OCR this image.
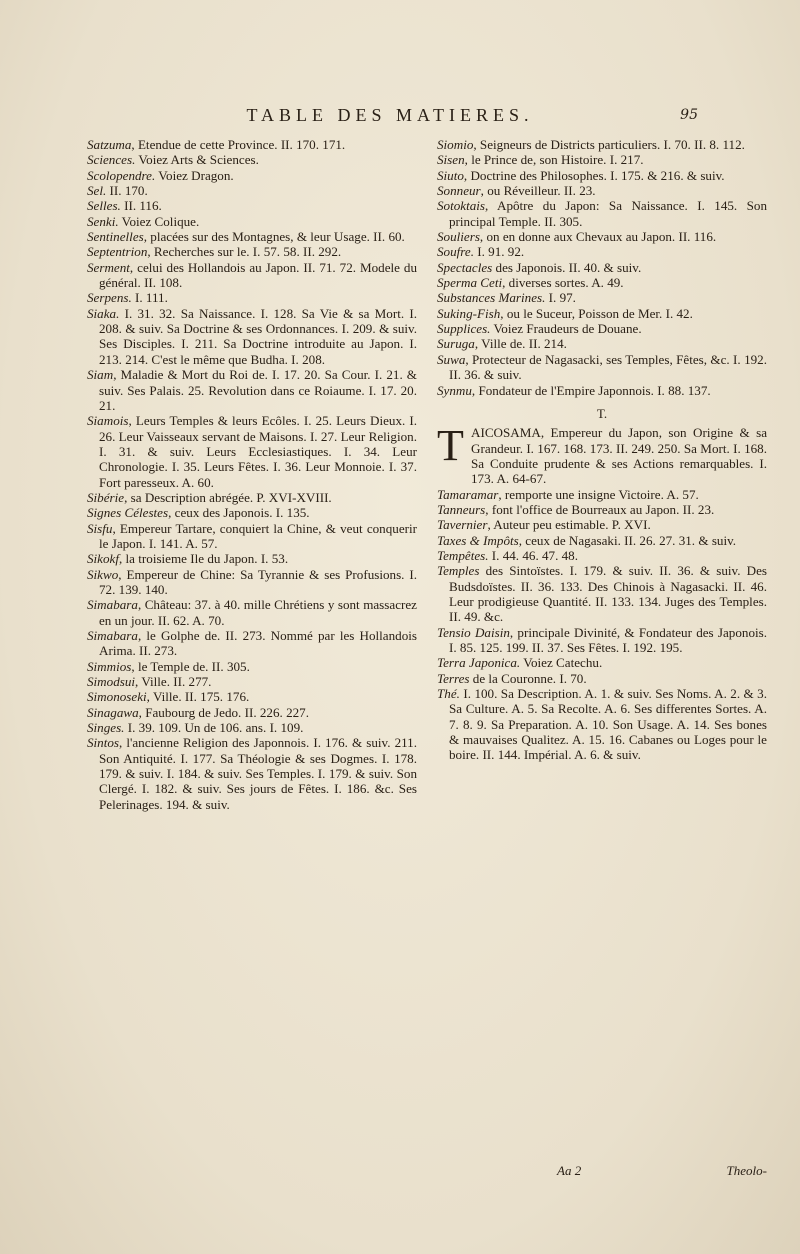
TABLE DES MATIERES.	95

Satzuma, Etendue de cette Province. II. 170. 171.

Sciences. Voiez Arts & Sciences.

Scolopendre. Voiez Dragon.

Sel. II. 170.

Selles. II. 116.

Senki. Voiez Colique.

Sentinelles, placées sur des Montagnes, & leur Usage. II. 60.

Septentrion, Recherches sur le. I. 57. 58. II. 292.

Serment, celui des Hollandois au Japon. II. 71. 72. Modele du général. II. 108.

Serpens. I. 111.

Siaka. I. 31. 32. Sa Naissance. I. 128. Sa Vie & sa Mort. I. 208. & suiv. Sa Doctrine & ses Ordonnances. I. 209. & suiv. Ses Disciples. I. 211. Sa Doctrine introduite au Japon. I. 213. 214. C'est le même que Budha. I. 208.

Siam, Maladie & Mort du Roi de. I. 17. 20. Sa Cour. I. 21. & suiv. Ses Palais. 25. Revolution dans ce Roiaume. I. 17. 20. 21.

Siamois, Leurs Temples & leurs Ecôles. I. 25. Leurs Dieux. I. 26. Leur Vaisseaux servant de Maisons. I. 27. Leur Religion. I. 31. & suiv. Leurs Ecclesiastiques. I. 34. Leur Chronologie. I. 35. Leurs Fêtes. I. 36. Leur Monnoie. I. 37. Fort paresseux. A. 60.

Sibérie, sa Description abrégée. P. XVI-XVIII.

Signes Célestes, ceux des Japonois. I. 135.

Sisfu, Empereur Tartare, conquiert la Chine, & veut conquerir le Japon. I. 141. A. 57.

Sikokf, la troisieme Ile du Japon. I. 53.

Sikwo, Empereur de Chine: Sa Tyrannie & ses Profusions. I. 72. 139. 140.

Simabara, Château: 37. à 40. mille Chrétiens y sont massacrez en un jour. II. 62. A. 70.

Simabara, le Golphe de. II. 273. Nommé par les Hollandois Arima. II. 273.

Simmios, le Temple de. II. 305.

Simodsui, Ville. II. 277.

Simonoseki, Ville. II. 175. 176.

Sinagawa, Faubourg de Jedo. II. 226. 227.

Singes. I. 39. 109. Un de 106. ans. I. 109.

Sintos, l'ancienne Religion des Japonnois. I. 176. & suiv. 211. Son Antiquité. I. 177. Sa Théologie & ses Dogmes. I. 178. 179. & suiv. I. 184. & suiv. Ses Temples. I. 179. & suiv. Son Clergé. I. 182. & suiv. Ses jours de Fêtes. I. 186. &c. Ses Pelerinages. 194. & suiv.

Siomio, Seigneurs de Districts particuliers. I. 70. II. 8. 112.

Sisen, le Prince de, son Histoire. I. 217.

Siuto, Doctrine des Philosophes. I. 175. & 216. & suiv.

Sonneur, ou Réveilleur. II. 23.

Sotoktais, Apôtre du Japon: Sa Naissance. I. 145. Son principal Temple. II. 305.

Souliers, on en donne aux Chevaux au Japon. II. 116.

Soufre. I. 91. 92.

Spectacles des Japonois. II. 40. & suiv.

Sperma Ceti, diverses sortes. A. 49.

Substances Marines. I. 97.

Suking-Fish, ou le Suceur, Poisson de Mer. I. 42.

Supplices. Voiez Fraudeurs de Douane.

Suruga, Ville de. II. 214.

Suwa, Protecteur de Nagasacki, ses Temples, Fêtes, &c. I. 192. II. 36. & suiv.

Synmu, Fondateur de l'Empire Japonnois. I. 88. 137.

T.
T AICOSAMA, Empereur du Japon, son Origine & sa Grandeur. I. 167. 168. 173. II. 249. 250. Sa Mort. I. 168. Sa Conduite prudente & ses Actions remarquables. I. 173. A. 64-67.

Tamaramar, remporte une insigne Victoire. A. 57.

Tanneurs, font l'office de Bourreaux au Japon. II. 23.

Tavernier, Auteur peu estimable. P. XVI.

Taxes & Impôts, ceux de Nagasaki. II. 26. 27. 31. & suiv.

Tempêtes. I. 44. 46. 47. 48.

Temples des Sintoïstes. I. 179. & suiv. II. 36. & suiv. Des Budsdoïstes. II. 36. 133. Des Chinois à Nagasacki. II. 46. Leur prodigieuse Quantité. II. 133. 134. Juges des Temples. II. 49. &c.

Tensio Daisin, principale Divinité, & Fondateur des Japonois. I. 85. 125. 199. II. 37. Ses Fêtes. I. 192. 195.

Terra Japonica. Voiez Catechu.

Terres de la Couronne. I. 70.

Thé. I. 100. Sa Description. A. 1. & suiv. Ses Noms. A. 2. & 3. Sa Culture. A. 5. Sa Recolte. A. 6. Ses differentes Sortes. A. 7. 8. 9. Sa Preparation. A. 10. Son Usage. A. 14. Ses bones & mauvaises Qualitez. A. 15. 16. Cabanes ou Loges pour le boire. II. 144. Impérial. A. 6. & suiv.

Aa 2	Theolo-
